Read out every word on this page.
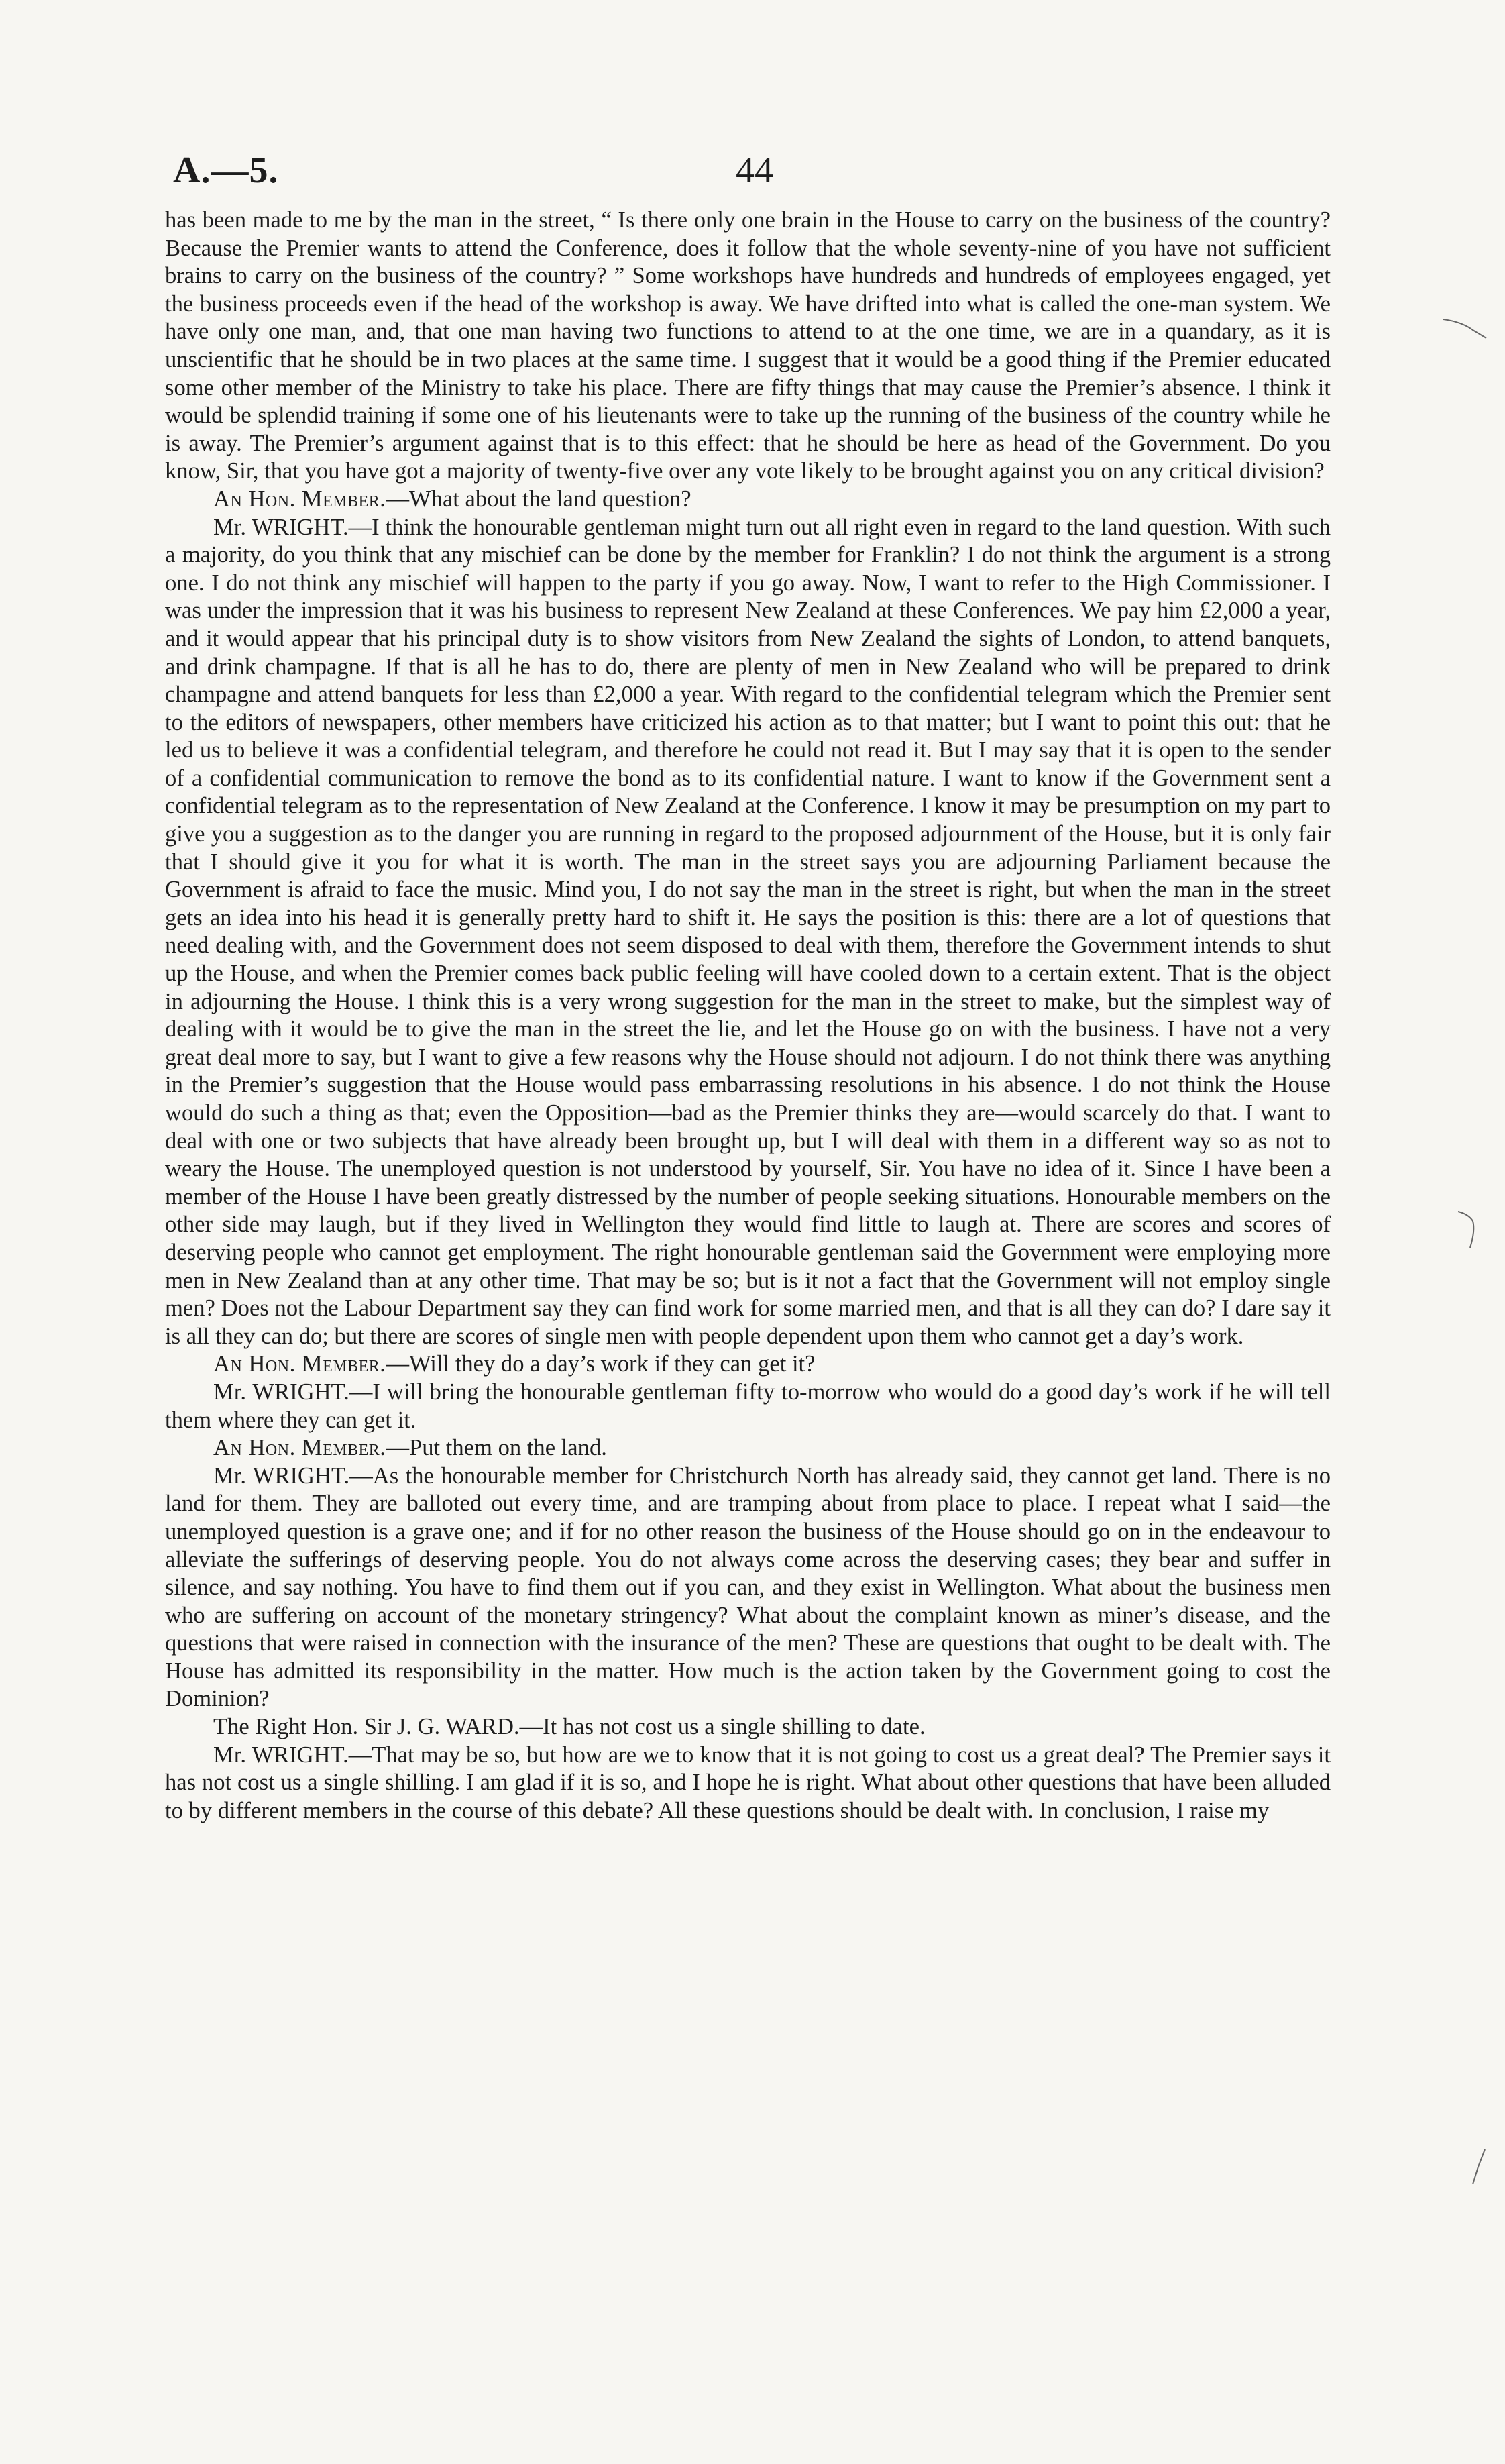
A.—5.	44

has been made to me by the man in the street, “ Is there only one brain in the House to carry on the business of the country? Because the Premier wants to attend the Conference, does it follow that the whole seventy-nine of you have not sufficient brains to carry on the business of the country? ” Some workshops have hundreds and hundreds of employees engaged, yet the business proceeds even if the head of the workshop is away. We have drifted into what is called the one-man system. We have only one man, and, that one man having two functions to attend to at the one time, we are in a quandary, as it is unscientific that he should be in two places at the same time. I suggest that it would be a good thing if the Premier educated some other member of the Ministry to take his place. There are fifty things that may cause the Premier’s absence. I think it would be splendid training if some one of his lieutenants were to take up the running of the business of the country while he is away. The Premier’s argument against that is to this effect: that he should be here as head of the Government. Do you know, Sir, that you have got a majority of twenty-five over any vote likely to be brought against you on any critical division?

An Hon. Member.—What about the land question?

Mr. WRIGHT.—I think the honourable gentleman might turn out all right even in regard to the land question. With such a majority, do you think that any mischief can be done by the member for Franklin? I do not think the argument is a strong one. I do not think any mischief will happen to the party if you go away. Now, I want to refer to the High Commissioner. I was under the impression that it was his business to represent New Zealand at these Conferences. We pay him £2,000 a year, and it would appear that his principal duty is to show visitors from New Zealand the sights of London, to attend banquets, and drink champagne. If that is all he has to do, there are plenty of men in New Zealand who will be prepared to drink champagne and attend banquets for less than £2,000 a year. With regard to the confidential telegram which the Premier sent to the editors of newspapers, other members have criticized his action as to that matter; but I want to point this out: that he led us to believe it was a confidential telegram, and therefore he could not read it. But I may say that it is open to the sender of a confidential communication to remove the bond as to its confidential nature. I want to know if the Government sent a confidential telegram as to the representation of New Zealand at the Conference. I know it may be presumption on my part to give you a suggestion as to the danger you are running in regard to the proposed adjournment of the House, but it is only fair that I should give it you for what it is worth. The man in the street says you are adjourning Parliament because the Government is afraid to face the music. Mind you, I do not say the man in the street is right, but when the man in the street gets an idea into his head it is generally pretty hard to shift it. He says the position is this: there are a lot of questions that need dealing with, and the Government does not seem disposed to deal with them, therefore the Government intends to shut up the House, and when the Premier comes back public feeling will have cooled down to a certain extent. That is the object in adjourning the House. I think this is a very wrong suggestion for the man in the street to make, but the simplest way of dealing with it would be to give the man in the street the lie, and let the House go on with the business. I have not a very great deal more to say, but I want to give a few reasons why the House should not adjourn. I do not think there was anything in the Premier’s suggestion that the House would pass embarrassing resolutions in his absence. I do not think the House would do such a thing as that; even the Opposition—bad as the Premier thinks they are—would scarcely do that. I want to deal with one or two subjects that have already been brought up, but I will deal with them in a different way so as not to weary the House. The unemployed question is not understood by yourself, Sir. You have no idea of it. Since I have been a member of the House I have been greatly distressed by the number of people seeking situations. Honourable members on the other side may laugh, but if they lived in Wellington they would find little to laugh at. There are scores and scores of deserving people who cannot get employment. The right honourable gentleman said the Government were employing more men in New Zealand than at any other time. That may be so; but is it not a fact that the Government will not employ single men? Does not the Labour Department say they can find work for some married men, and that is all they can do? I dare say it is all they can do; but there are scores of single men with people dependent upon them who cannot get a day’s work.

An Hon. Member.—Will they do a day’s work if they can get it?

Mr. WRIGHT.—I will bring the honourable gentleman fifty to-morrow who would do a good day’s work if he will tell them where they can get it.

An Hon. Member.—Put them on the land.

Mr. WRIGHT.—As the honourable member for Christchurch North has already said, they cannot get land. There is no land for them. They are balloted out every time, and are tramping about from place to place. I repeat what I said—the unemployed question is a grave one; and if for no other reason the business of the House should go on in the endeavour to alleviate the sufferings of deserving people. You do not always come across the deserving cases; they bear and suffer in silence, and say nothing. You have to find them out if you can, and they exist in Wellington. What about the business men who are suffering on account of the monetary stringency? What about the complaint known as miner’s disease, and the questions that were raised in connection with the insurance of the men? These are questions that ought to be dealt with. The House has admitted its responsibility in the matter. How much is the action taken by the Government going to cost the Dominion?

The Right Hon. Sir J. G. WARD.—It has not cost us a single shilling to date.

Mr. WRIGHT.—That may be so, but how are we to know that it is not going to cost us a great deal? The Premier says it has not cost us a single shilling. I am glad if it is so, and I hope he is right. What about other questions that have been alluded to by different members in the course of this debate? All these questions should be dealt with. In conclusion, I raise my
